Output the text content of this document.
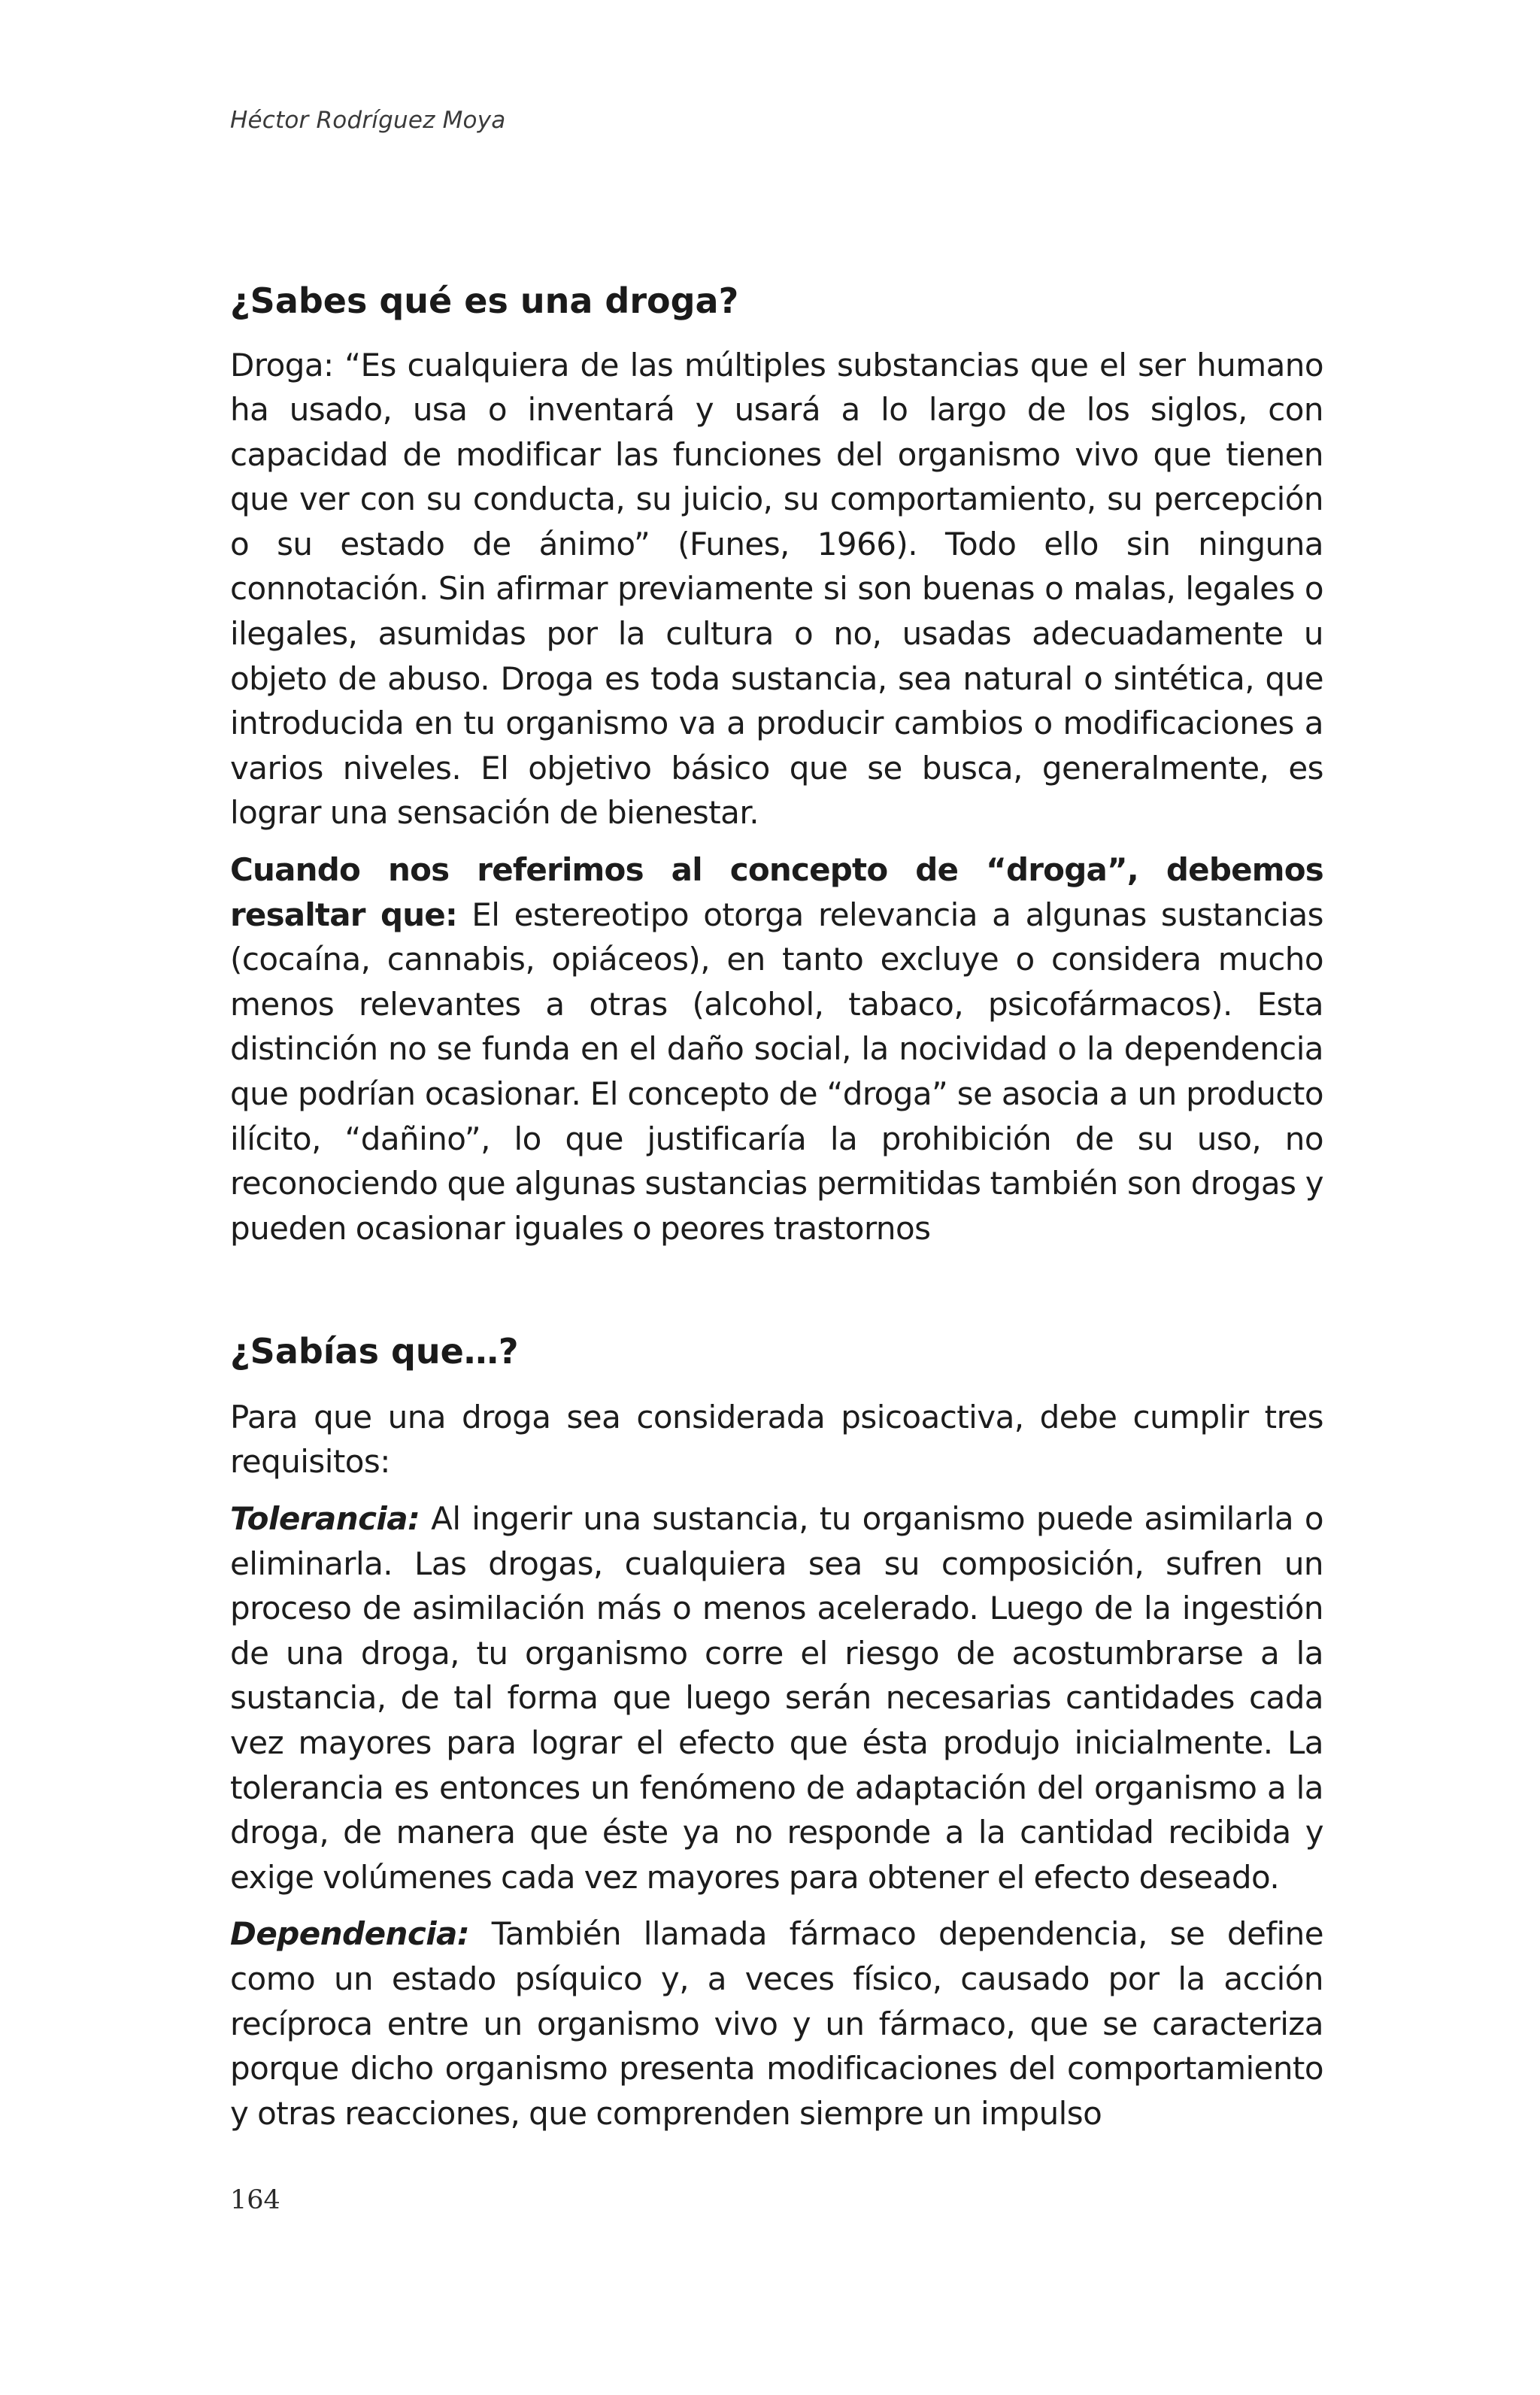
Héctor Rodríguez Moya
¿Sabes qué es una droga?

Droga: “Es cualquiera de las múltiples substancias que el ser humano ha usado, usa o inventará y usará a lo largo de los siglos, con capacidad de modificar las funciones del organismo vivo que tienen que ver con su conducta, su juicio, su comportamiento, su percepción o su estado de ánimo” (Funes, 1966). Todo ello sin ninguna connotación. Sin afirmar previamente si son buenas o malas, legales o ilegales, asumidas por la cultura o no, usadas adecuadamente u objeto de abuso. Droga es toda sustancia, sea natural o sintética, que introducida en tu organismo va a producir cambios o modificaciones a varios niveles. El objetivo básico que se busca, generalmente, es lograr una sensación de bienestar.

Cuando nos referimos al concepto de “droga”, debemos resaltar que: El estereotipo otorga relevancia a algunas sustancias (cocaína, cannabis, opiáceos), en tanto excluye o considera mucho menos relevantes a otras (alcohol, tabaco, psicofármacos). Esta distinción no se funda en el daño social, la nocividad o la dependencia que podrían ocasionar. El concepto de “droga” se asocia a un producto ilícito, “dañino”, lo que justificaría la prohibición de su uso, no reconociendo que algunas sustancias permitidas también son drogas y pueden ocasionar iguales o peores trastornos

¿Sabías que…?

Para que una droga sea considerada psicoactiva, debe cumplir tres requisitos:

Tolerancia: Al ingerir una sustancia, tu organismo puede asimilarla o eliminarla. Las drogas, cualquiera sea su composición, sufren un proceso de asimilación más o menos acelerado. Luego de la ingestión de una droga, tu organismo corre el riesgo de acostumbrarse a la sustancia, de tal forma que luego serán necesarias cantidades cada vez mayores para lograr el efecto que ésta produjo inicialmente. La tolerancia es entonces un fenómeno de adaptación del organismo a la droga, de manera que éste ya no responde a la cantidad recibida y exige volúmenes cada vez mayores para obtener el efecto deseado.

Dependencia: También llamada fármaco dependencia, se define como un estado psíquico y, a veces físico, causado por la acción recíproca entre un organismo vivo y un fármaco, que se caracteriza porque dicho organismo presenta modificaciones del comportamiento y otras reacciones, que comprenden siempre un impulso

164
